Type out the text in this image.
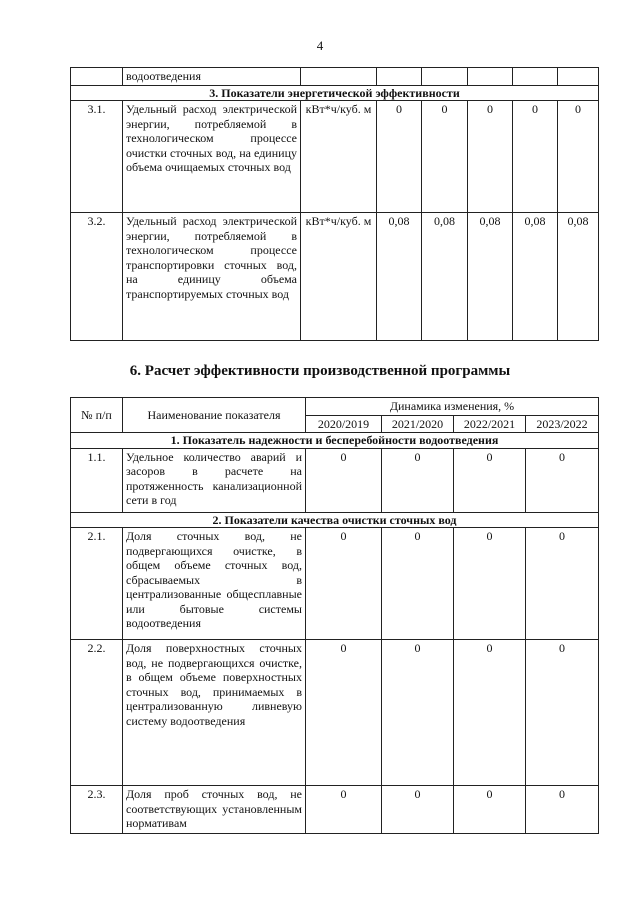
4
	водоотведения						
3. Показатели энергетической эффективности							
3.1.	Удельный расход электрической энергии, потребляемой в технологическом процессе очистки сточных вод, на единицу объема очищаемых сточных вод	кВт*ч/куб. м	0	0	0	0	0
3.2.	Удельный расход электрической энергии, потребляемой в технологическом процессе транспортировки сточных вод, на единицу объема транспортируемых сточных вод	кВт*ч/куб. м	0,08	0,08	0,08	0,08	0,08
6. Расчет эффективности производственной программы
№ п/п	Наименование показателя	Динамика изменения, %			
		2020/2019	2021/2020	2022/2021	2023/2022
1. Показатель надежности и бесперебойности водоотведения					
1.1.	Удельное количество аварий и засоров в расчете на протяженность канализационной сети в год	0	0	0	0
2. Показатели качества очистки сточных вод					
2.1.	Доля сточных вод, не подвергающихся очистке, в общем объеме сточных вод, сбрасываемых в централизованные общесплавные или бытовые системы водоотведения	0	0	0	0
2.2.	Доля поверхностных сточных вод, не подвергающихся очистке, в общем объеме поверхностных сточных вод, принимаемых в централизованную ливневую систему водоотведения	0	0	0	0
2.3.	Доля проб сточных вод, не соответствующих установленным нормативам	0	0	0	0
